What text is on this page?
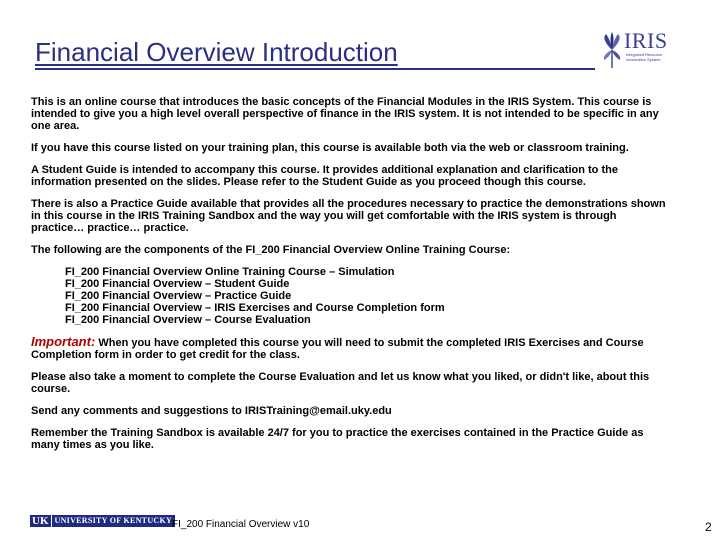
Financial Overview Introduction	IRIS
Integrated Resource Information System
This is an online course that introduces the basic concepts of the Financial Modules in the IRIS System. This course is intended to give you a high level overall perspective of finance in the IRIS system. It is not intended to be specific in any one area.
If you have this course listed on your training plan, this course is available both via the web or classroom training.
A Student Guide is intended to accompany this course. It provides additional explanation and clarification to the information presented on the slides. Please refer to the Student Guide as you proceed though this course.
There is also a Practice Guide available that provides all the procedures necessary to practice the demonstrations shown in this course in the IRIS Training Sandbox and the way you will get comfortable with the IRIS system is through practice… practice… practice.
The following are the components of the FI_200 Financial Overview Online Training Course:
FI_200 Financial Overview Online Training Course – Simulation
FI_200 Financial Overview – Student Guide
FI_200 Financial Overview – Practice Guide
FI_200 Financial Overview – IRIS Exercises and Course Completion form
FI_200 Financial Overview – Course Evaluation
Important: When you have completed this course you will need to submit the completed IRIS Exercises and Course Completion form in order to get credit for the class.
Please also take a moment to complete the Course Evaluation and let us know what you liked, or didn't like, about this course.
Send any comments and suggestions to IRISTraining@email.uky.edu
Remember the Training Sandbox is available 24/7 for you to practice the exercises contained in the Practice Guide as many times as you like.
UK UNIVERSITY OF KENTUCKY FI_200 Financial Overview v10	2
